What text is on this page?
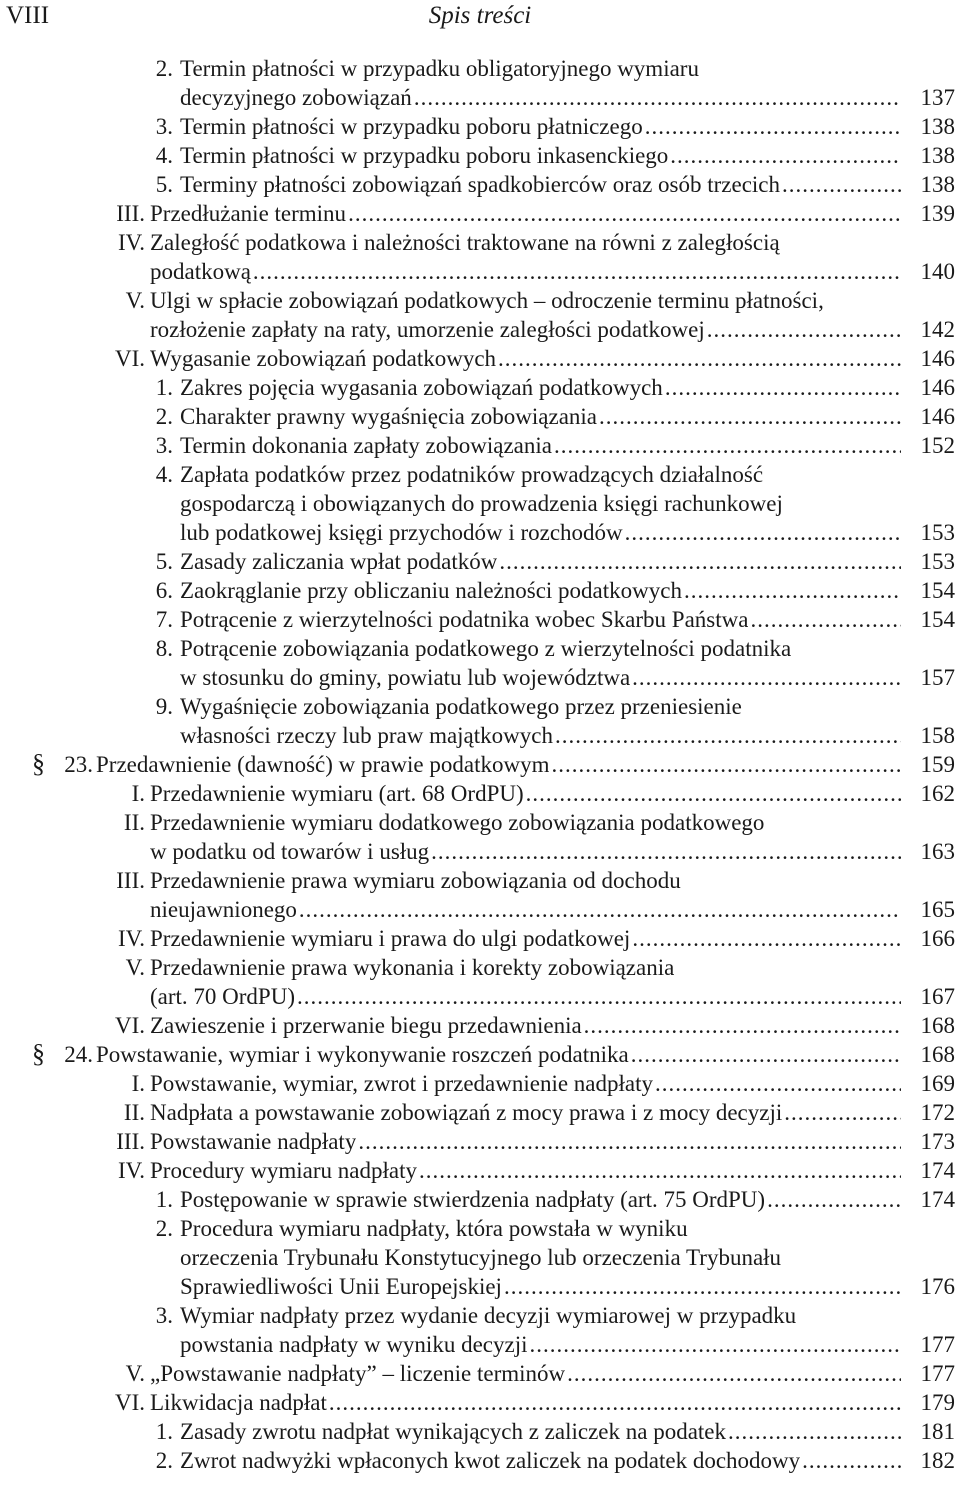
VIII	Spis treści
2. Termin płatności w przypadku obligatoryjnego wymiaru
decyzyjnego zobowiązań .....	137
3. Termin płatności w przypadku poboru płatniczego .....	138
4. Termin płatności w przypadku poboru inkasenckiego .....	138
5. Terminy płatności zobowiązań spadkobierców oraz osób trzecich .....	138
III. Przedłużanie terminu .....	139
IV. Zaległość podatkowa i należności traktowane na równi z zaległością
podatkową .....	140
V. Ulgi w spłacie zobowiązań podatkowych – odroczenie terminu płatności,
rozłożenie zapłaty na raty, umorzenie zaległości podatkowej .....	142
VI. Wygasanie zobowiązań podatkowych .....	146
1. Zakres pojęcia wygasania zobowiązań podatkowych .....	146
2. Charakter prawny wygaśnięcia zobowiązania .....	146
3. Termin dokonania zapłaty zobowiązania .....	152
4. Zapłata podatków przez podatników prowadzących działalność
gospodarczą i obowiązanych do prowadzenia księgi rachunkowej
lub podatkowej księgi przychodów i rozchodów .....	153
5. Zasady zaliczania wpłat podatków .....	153
6. Zaokrąglanie przy obliczaniu należności podatkowych .....	154
7. Potrącenie z wierzytelności podatnika wobec Skarbu Państwa .....	154
8. Potrącenie zobowiązania podatkowego z wierzytelności podatnika
w stosunku do gminy, powiatu lub województwa .....	157
9. Wygaśnięcie zobowiązania podatkowego przez przeniesienie
własności rzeczy lub praw majątkowych .....	158
§ 23. Przedawnienie (dawność) w prawie podatkowym .....	159
I. Przedawnienie wymiaru (art. 68 OrdPU) .....	162
II. Przedawnienie wymiaru dodatkowego zobowiązania podatkowego
w podatku od towarów i usług .....	163
III. Przedawnienie prawa wymiaru zobowiązania od dochodu
nieujawnionego .....	165
IV. Przedawnienie wymiaru i prawa do ulgi podatkowej .....	166
V. Przedawnienie prawa wykonania i korekty zobowiązania
(art. 70 OrdPU) .....	167
VI. Zawieszenie i przerwanie biegu przedawnienia .....	168
§ 24. Powstawanie, wymiar i wykonywanie roszczeń podatnika .....	168
I. Powstawanie, wymiar, zwrot i przedawnienie nadpłaty .....	169
II. Nadpłata a powstawanie zobowiązań z mocy prawa i z mocy decyzji .....	172
III. Powstawanie nadpłaty .....	173
IV. Procedury wymiaru nadpłaty .....	174
1. Postępowanie w sprawie stwierdzenia nadpłaty (art. 75 OrdPU) .....	174
2. Procedura wymiaru nadpłaty, która powstała w wyniku
orzeczenia Trybunału Konstytucyjnego lub orzeczenia Trybunału
Sprawiedliwości Unii Europejskiej .....	176
3. Wymiar nadpłaty przez wydanie decyzji wymiarowej w przypadku
powstania nadpłaty w wyniku decyzji .....	177
V. „Powstawanie nadpłaty” – liczenie terminów .....	177
VI. Likwidacja nadpłat .....	179
1. Zasady zwrotu nadpłat wynikających z zaliczek na podatek .....	181
2. Zwrot nadwyżki wpłaconych kwot zaliczek na podatek dochodowy .....	182
